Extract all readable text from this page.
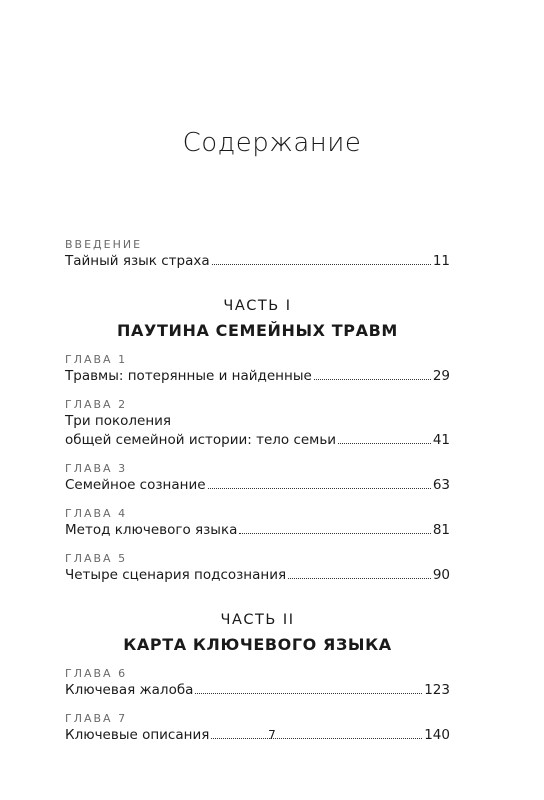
Содержание
ВВЕДЕНИЕ
Тайный язык страха	11
ЧАСТЬ I
ПАУТИНА СЕМЕЙНЫХ ТРАВМ
ГЛАВА 1
Травмы: потерянные и найденные	29
ГЛАВА 2
Три поколения
общей семейной истории: тело семьи	41
ГЛАВА 3
Семейное сознание	63
ГЛАВА 4
Метод ключевого языка	81
ГЛАВА 5
Четыре сценария подсознания	90
ЧАСТЬ II
КАРТА КЛЮЧЕВОГО ЯЗЫКА
ГЛАВА 6
Ключевая жалоба	123
ГЛАВА 7
Ключевые описания	140
7
